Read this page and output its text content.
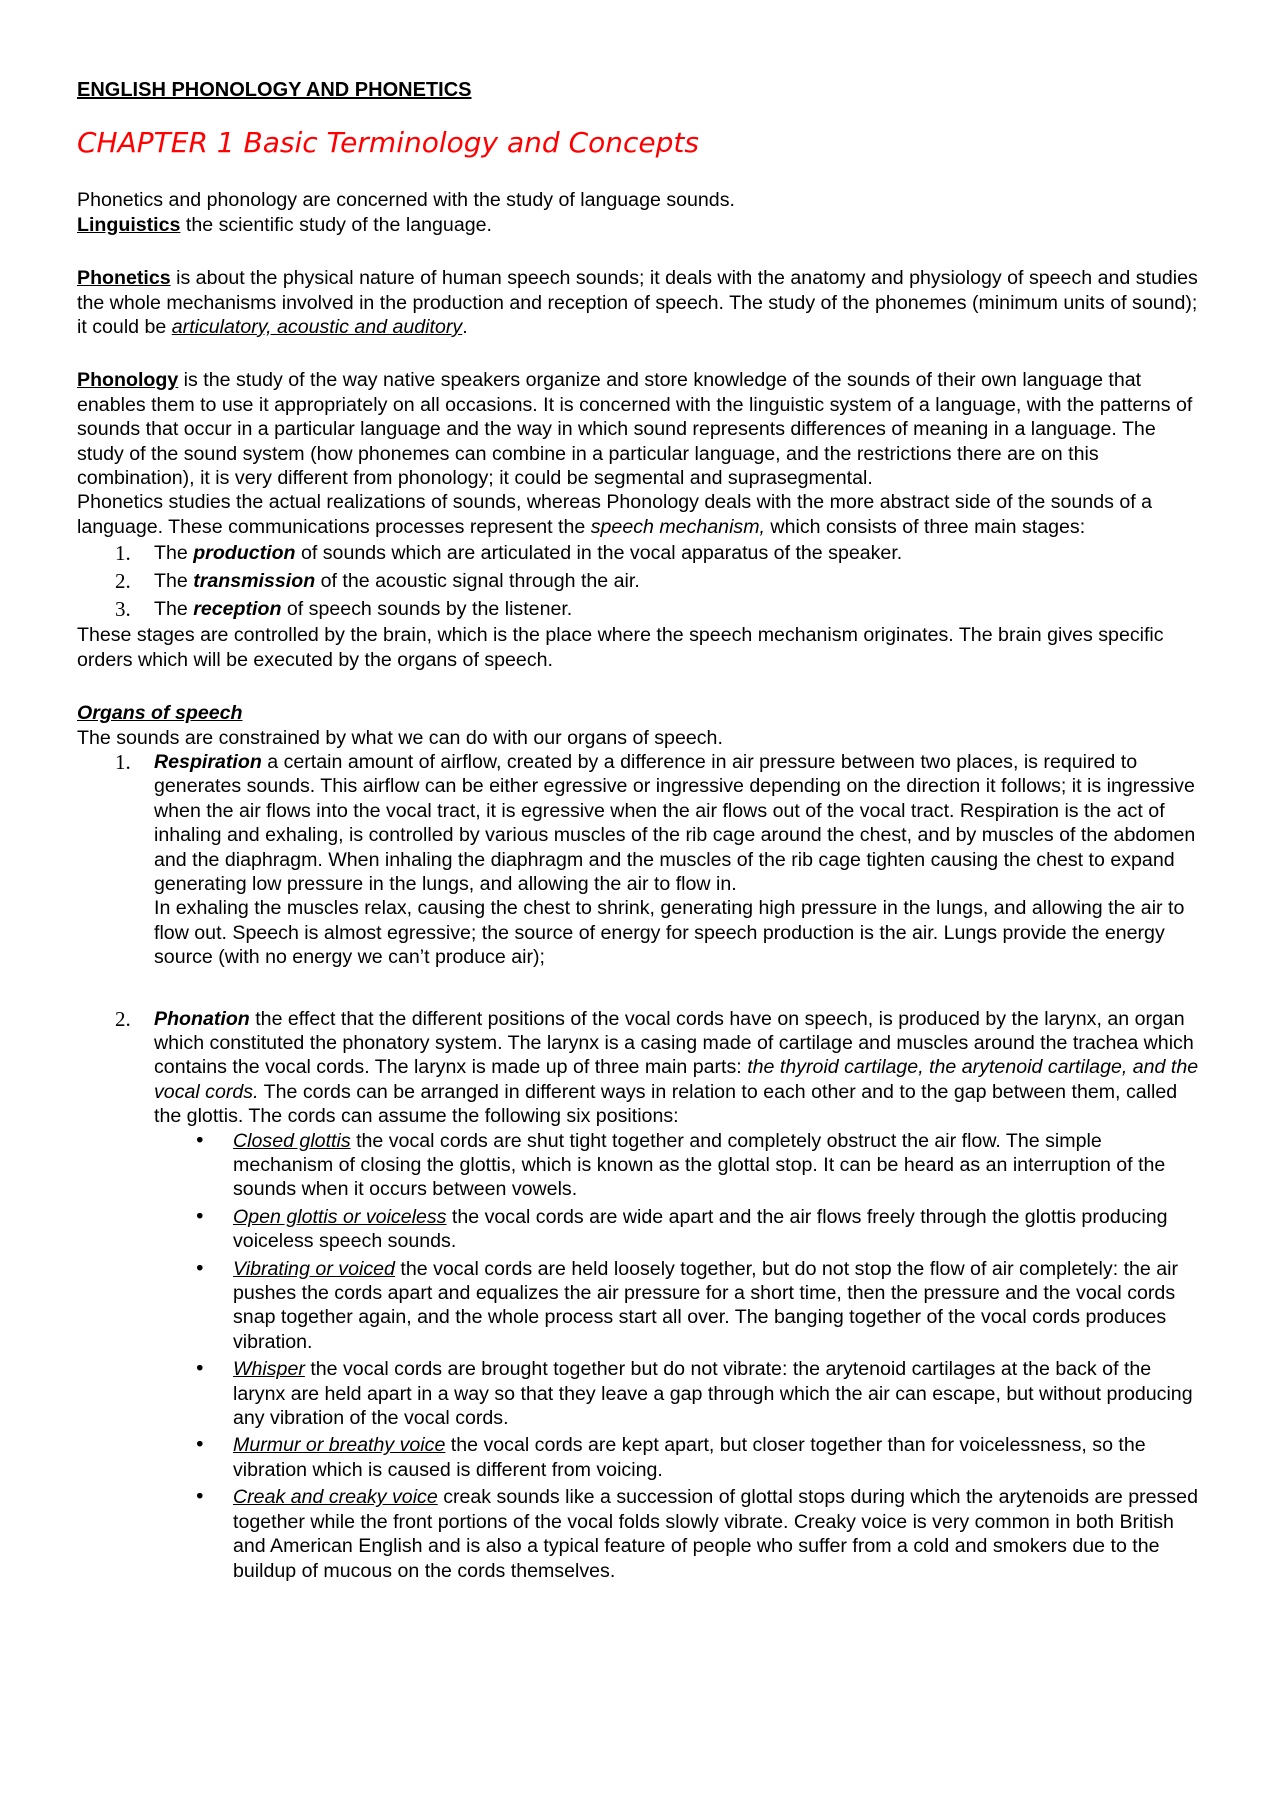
ENGLISH PHONOLOGY AND PHONETICS
CHAPTER 1 Basic Terminology and Concepts

Phonetics and phonology are concerned with the study of language sounds.
Linguistics the scientific study of the language.

Phonetics is about the physical nature of human speech sounds; it deals with the anatomy and physiology of speech and studies the whole mechanisms involved in the production and reception of speech. The study of the phonemes (minimum units of sound); it could be articulatory, acoustic and auditory.

Phonology is the study of the way native speakers organize and store knowledge of the sounds of their own language that enables them to use it appropriately on all occasions. It is concerned with the linguistic system of a language, with the patterns of sounds that occur in a particular language and the way in which sound represents differences of meaning in a language. The study of the sound system (how phonemes can combine in a particular language, and the restrictions there are on this combination), it is very different from phonology; it could be segmental and suprasegmental.

Phonetics studies the actual realizations of sounds, whereas Phonology deals with the more abstract side of the sounds of a language. These communications processes represent the speech mechanism, which consists of three main stages:

1. The production of sounds which are articulated in the vocal apparatus of the speaker.
2. The transmission of the acoustic signal through the air.
3. The reception of speech sounds by the listener.

These stages are controlled by the brain, which is the place where the speech mechanism originates. The brain gives specific orders which will be executed by the organs of speech.

Organs of speech

The sounds are constrained by what we can do with our organs of speech.

1. Respiration a certain amount of airflow, created by a difference in air pressure between two places, is required to generates sounds. This airflow can be either egressive or ingressive depending on the direction it follows; it is ingressive when the air flows into the vocal tract, it is egressive when the air flows out of the vocal tract. Respiration is the act of inhaling and exhaling, is controlled by various muscles of the rib cage around the chest, and by muscles of the abdomen and the diaphragm. When inhaling the diaphragm and the muscles of the rib cage tighten causing the chest to expand generating low pressure in the lungs, and allowing the air to flow in.
In exhaling the muscles relax, causing the chest to shrink, generating high pressure in the lungs, and allowing the air to flow out. Speech is almost egressive; the source of energy for speech production is the air. Lungs provide the energy source (with no energy we can’t produce air);
2. Phonation the effect that the different positions of the vocal cords have on speech, is produced by the larynx, an organ which constituted the phonatory system. The larynx is a casing made of cartilage and muscles around the trachea which contains the vocal cords. The larynx is made up of three main parts: the thyroid cartilage, the arytenoid cartilage, and the vocal cords. The cords can be arranged in different ways in relation to each other and to the gap between them, called the glottis. The cords can assume the following six positions:
• Closed glottis the vocal cords are shut tight together and completely obstruct the air flow. The simple mechanism of closing the glottis, which is known as the glottal stop. It can be heard as an interruption of the sounds when it occurs between vowels.
• Open glottis or voiceless the vocal cords are wide apart and the air flows freely through the glottis producing voiceless speech sounds.
• Vibrating or voiced the vocal cords are held loosely together, but do not stop the flow of air completely: the air pushes the cords apart and equalizes the air pressure for a short time, then the pressure and the vocal cords snap together again, and the whole process start all over. The banging together of the vocal cords produces vibration.
• Whisper the vocal cords are brought together but do not vibrate: the arytenoid cartilages at the back of the larynx are held apart in a way so that they leave a gap through which the air can escape, but without producing any vibration of the vocal cords.
• Murmur or breathy voice the vocal cords are kept apart, but closer together than for voicelessness, so the vibration which is caused is different from voicing.
• Creak and creaky voice creak sounds like a succession of glottal stops during which the arytenoids are pressed together while the front portions of the vocal folds slowly vibrate. Creaky voice is very common in both British and American English and is also a typical feature of people who suffer from a cold and smokers due to the buildup of mucous on the cords themselves.
